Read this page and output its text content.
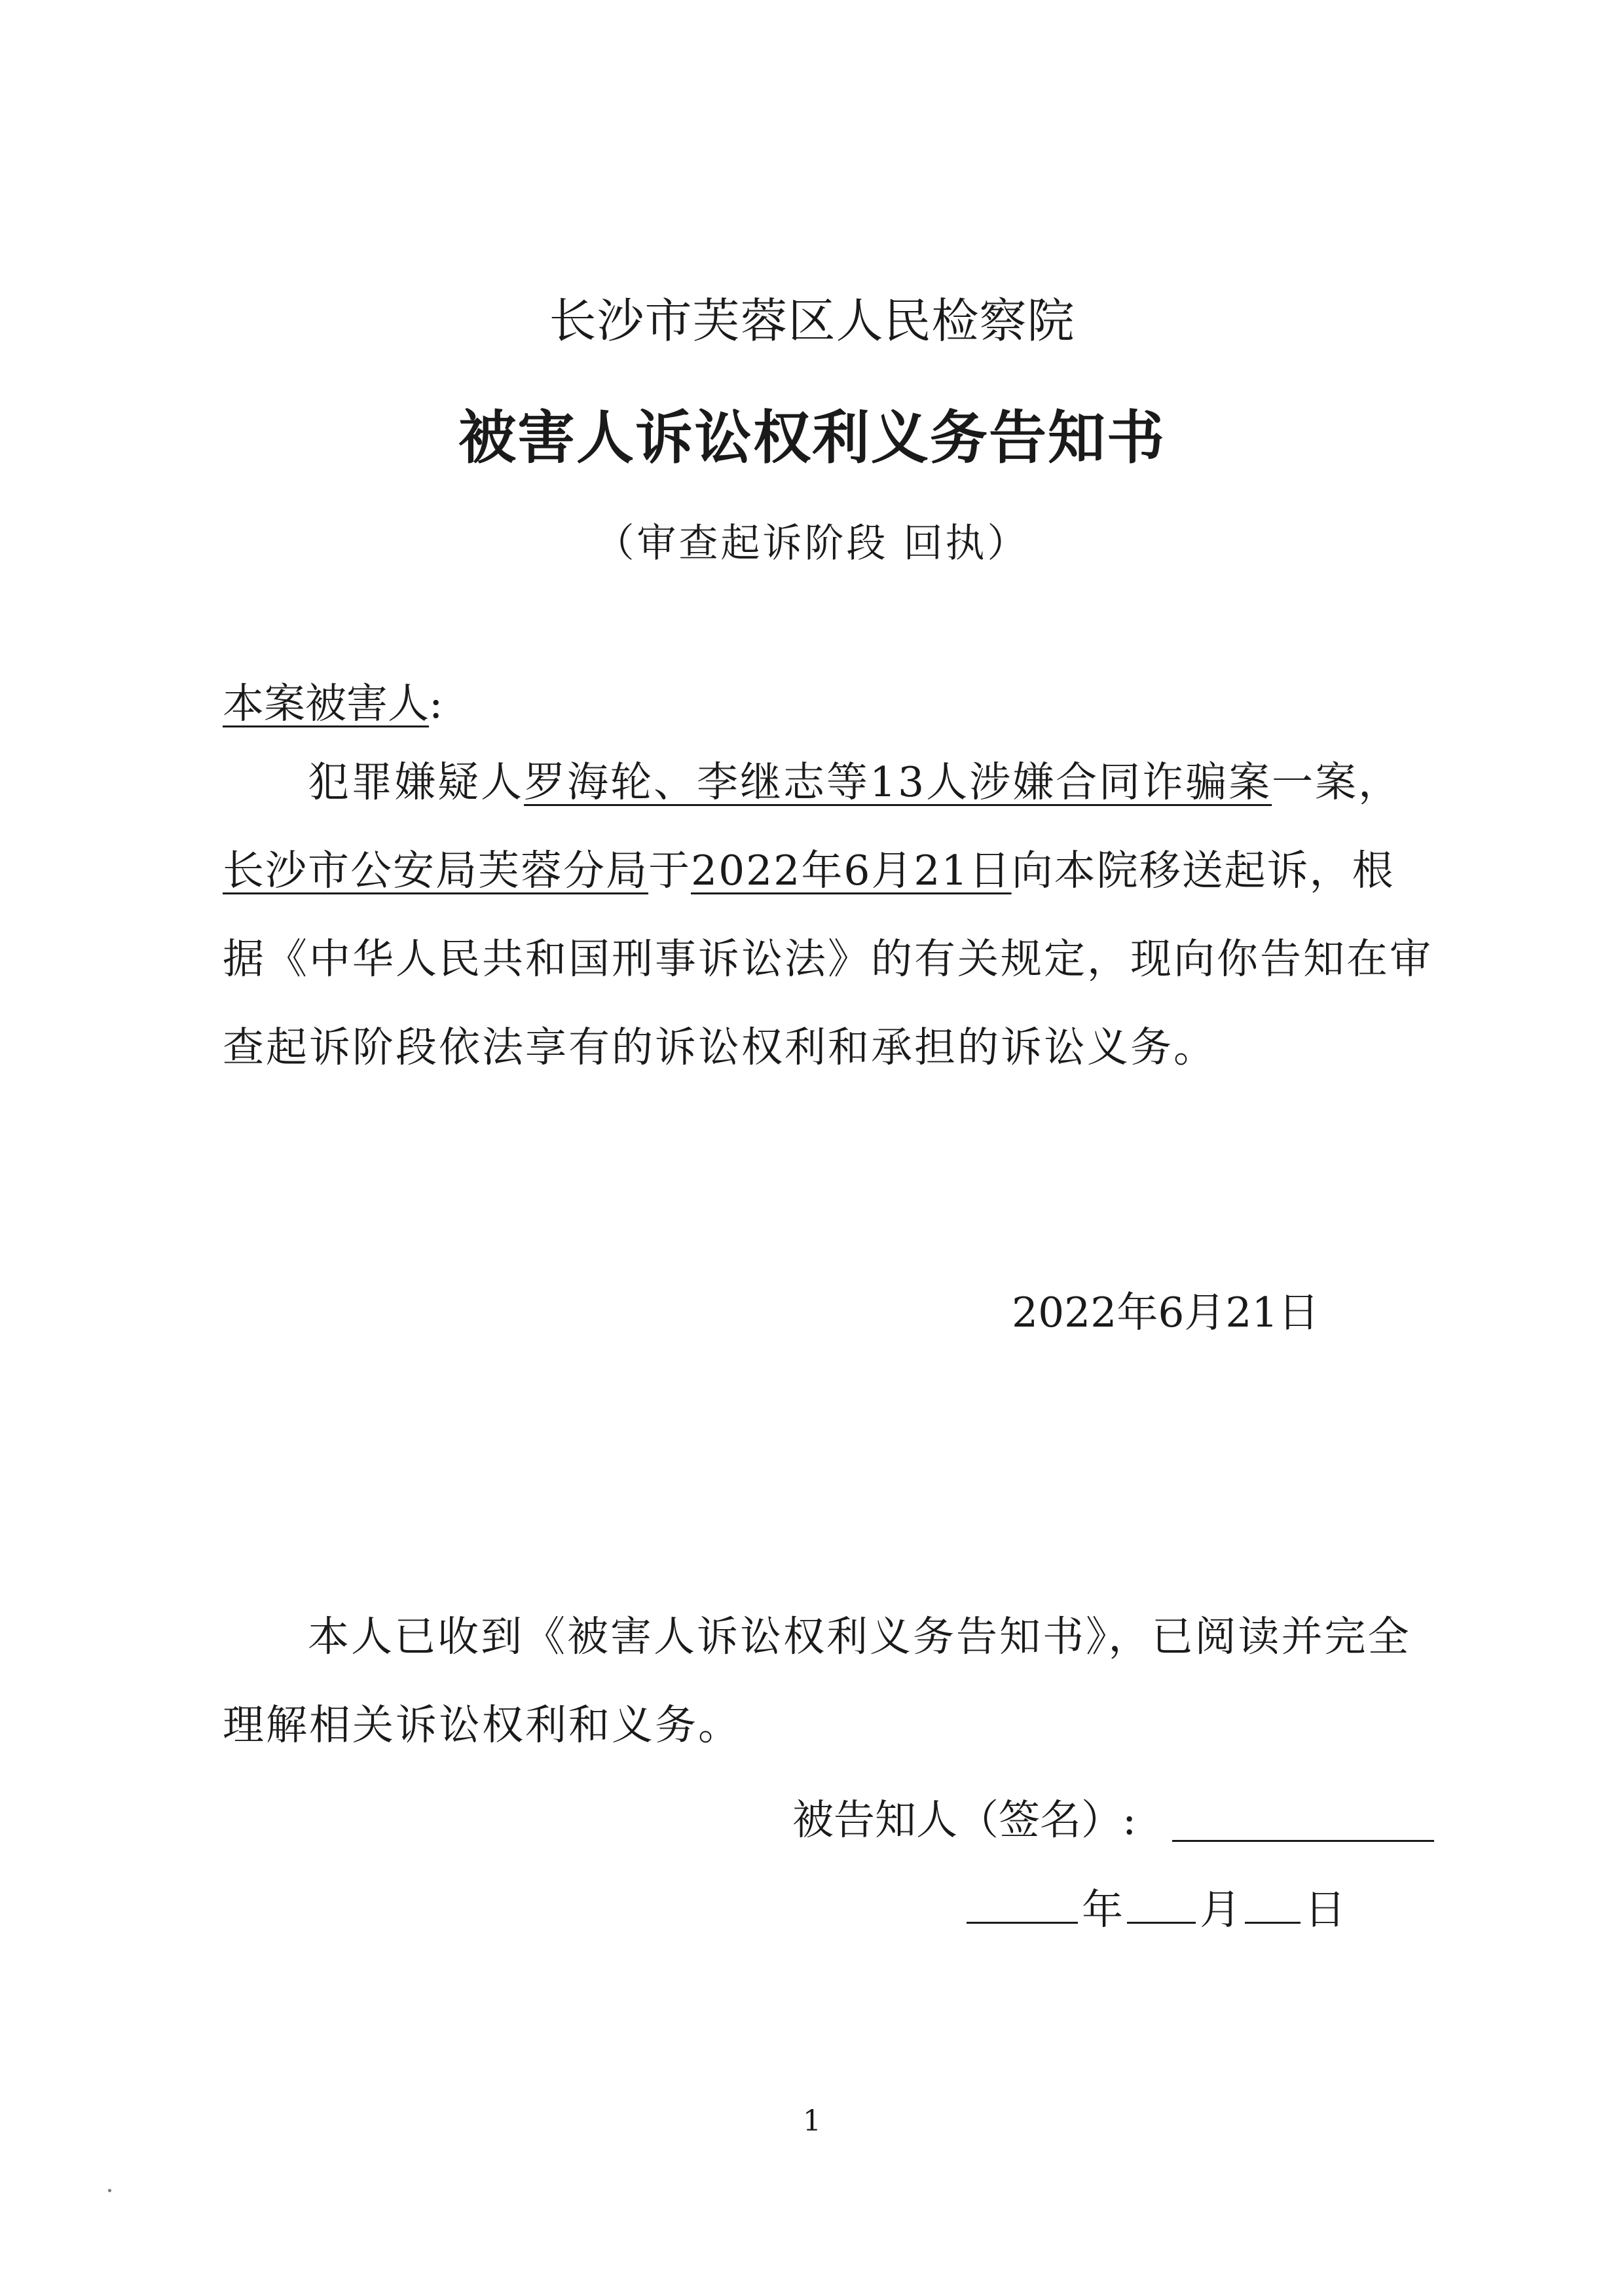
长沙市芙蓉区人民检察院
被害人诉讼权利义务告知书
（审查起诉阶段 回执）
本案被害人:
犯罪嫌疑人罗海轮、李继志等13人涉嫌合同诈骗案一案，
长沙市公安局芙蓉分局于2022年6月21日向本院移送起诉，根
据《中华人民共和国刑事诉讼法》的有关规定，现向你告知在审
查起诉阶段依法享有的诉讼权利和承担的诉讼义务。
2022年6月21日
本人已收到《被害人诉讼权利义务告知书》，已阅读并完全
理解相关诉讼权利和义务。
被告知人（签名）:
年 月 日
1
